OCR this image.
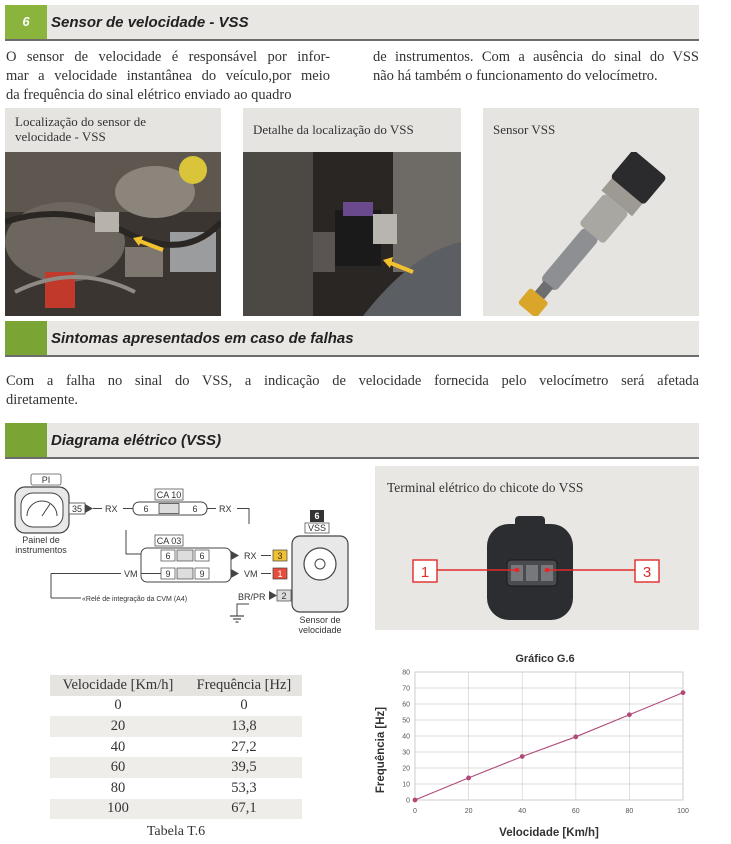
6	Sensor de velocidade - VSS
O sensor de velocidade é responsável por infor-
mar a velocidade instantânea do veículo,por meio
da frequência do sinal elétrico enviado ao quadro
de instrumentos. Com a ausência do sinal do VSS
não há também o funcionamento do velocímetro.
Localização do sensor de
velocidade - VSS	Detalhe da localização do VSS	Sensor VSS
Sintomas apresentados em caso de falhas
Com a falha no sinal do VSS, a indicação de velocidade fornecida pelo velocímetro será afetada
diretamente.
Diagrama elétrico (VSS)
PI
Painel de
instrumentos
35	RX
CA 10
6	6 RX
CA 03
6	6
9	9
RX
VM
VM
«Relé de integração da CVM (A4)	BR/PR
6
VSS
3
1
2
Sensor de
velocidade
Terminal elétrico do chicote do VSS
1	3
Velocidade [Km/h]	Frequência [Hz]
0	0
20	13,8
40	27,2
60	39,5
80	53,3
100	67,1
Tabela T.6
Gráfico G.6
Velocidade [Km/h]
Frequência [Hz]
0
10
20
30
40
50
60
70
80
0	20	40	60	80	100
